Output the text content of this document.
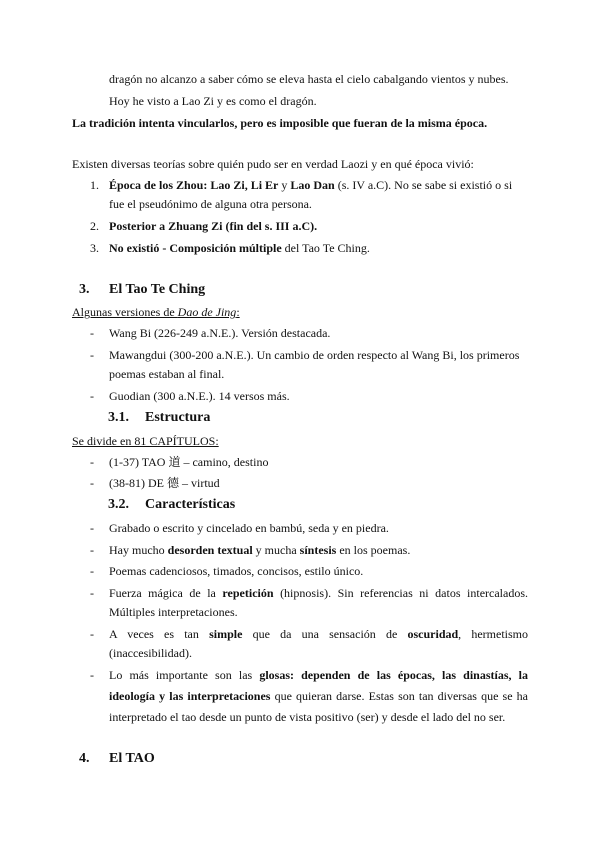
dragón no alcanzo a saber cómo se eleva hasta el cielo cabalgando vientos y nubes.
Hoy he visto a Lao Zi y es como el dragón.
La tradición intenta vincularlos, pero es imposible que fueran de la misma época.
Existen diversas teorías sobre quién pudo ser en verdad Laozi y en qué época vivió:
1. Época de los Zhou: Lao Zi, Li Er y Lao Dan (s. IV a.C). No se sabe si existió o si
fue el pseudónimo de alguna otra persona.
2. Posterior a Zhuang Zi (fin del s. III a.C).
3. No existió - Composición múltiple del Tao Te Ching.
3. El Tao Te Ching
Algunas versiones de Dao de Jing:
- Wang Bi (226-249 a.N.E.). Versión destacada.
- Mawangdui (300-200 a.N.E.). Un cambio de orden respecto al Wang Bi, los primeros
poemas estaban al final.
- Guodian (300 a.N.E.). 14 versos más.
3.1. Estructura
Se divide en 81 CAPÍTULOS:
- (1-37) TAO 道 – camino, destino
- (38-81) DE 德 – virtud
3.2. Características
- Grabado o escrito y cincelado en bambú, seda y en piedra.
- Hay mucho desorden textual y mucha síntesis en los poemas.
- Poemas cadenciosos, timados, concisos, estilo único.
- Fuerza mágica de la repetición (hipnosis). Sin referencias ni datos intercalados.
Múltiples interpretaciones.
- A veces es tan simple que da una sensación de oscuridad, hermetismo
(inaccesibilidad).
- Lo más importante son las glosas: dependen de las épocas, las dinastías, la
ideología y las interpretaciones que quieran darse. Estas son tan diversas que se ha
interpretado el tao desde un punto de vista positivo (ser) y desde el lado del no ser.
4. El TAO
